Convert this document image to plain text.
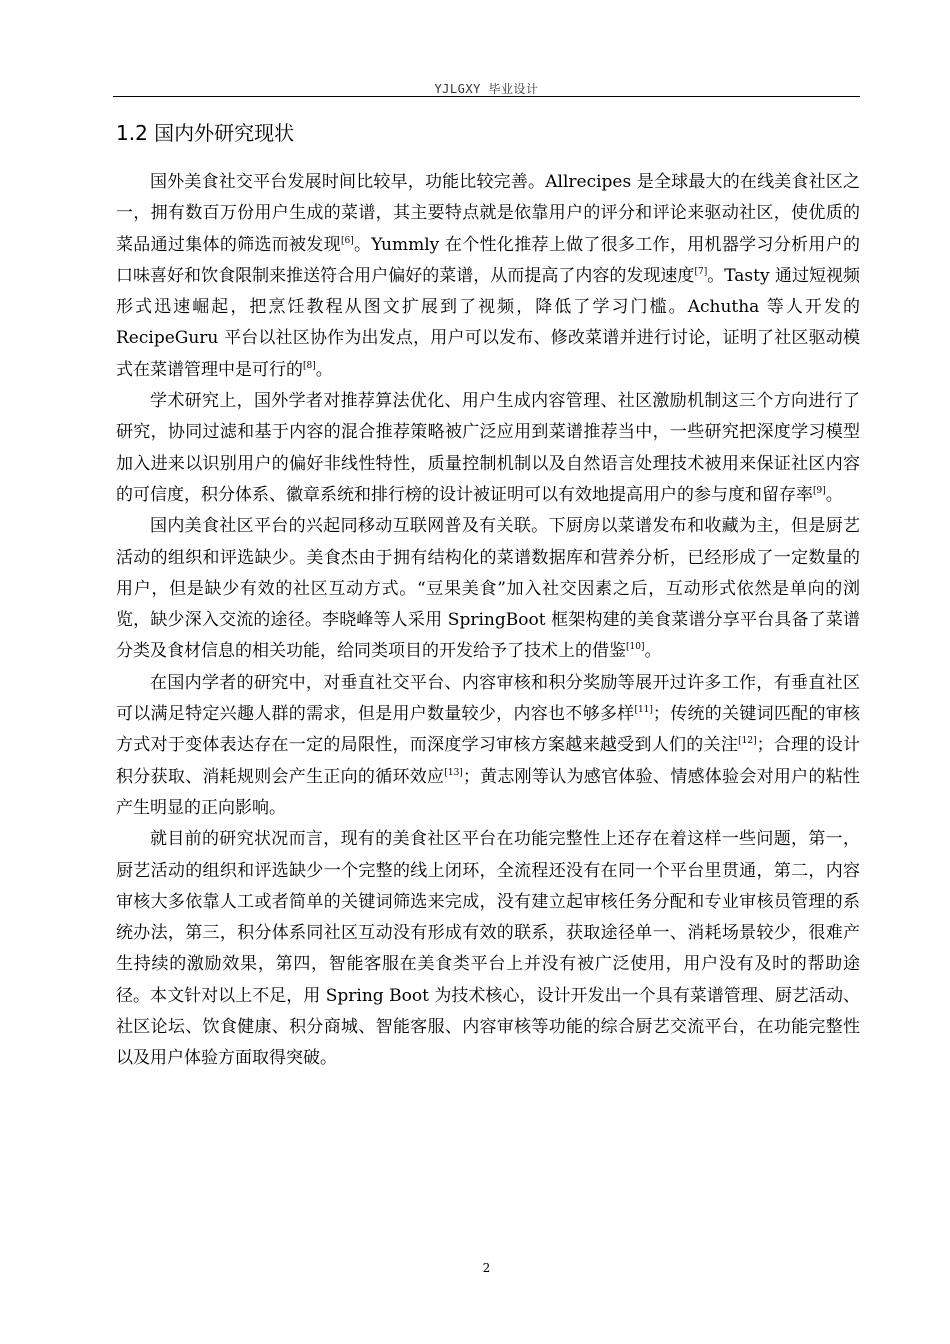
YJLGXY 毕业设计
1.2 国内外研究现状

国外美食社交平台发展时间比较早，功能比较完善。Allrecipes 是全球最大的在线美食社区之一，拥有数百万份用户生成的菜谱，其主要特点就是依靠用户的评分和评论来驱动社区，使优质的菜品通过集体的筛选而被发现[6]。Yummly 在个性化推荐上做了很多工作，用机器学习分析用户的口味喜好和饮食限制来推送符合用户偏好的菜谱，从而提高了内容的发现速度[7]。Tasty 通过短视频形式迅速崛起，把烹饪教程从图文扩展到了视频，降低了学习门槛。Achutha 等人开发的 RecipeGuru 平台以社区协作为出发点，用户可以发布、修改菜谱并进行讨论，证明了社区驱动模式在菜谱管理中是可行的[8]。

学术研究上，国外学者对推荐算法优化、用户生成内容管理、社区激励机制这三个方向进行了研究，协同过滤和基于内容的混合推荐策略被广泛应用到菜谱推荐当中，一些研究把深度学习模型加入进来以识别用户的偏好非线性特性，质量控制机制以及自然语言处理技术被用来保证社区内容的可信度，积分体系、徽章系统和排行榜的设计被证明可以有效地提高用户的参与度和留存率[9]。

国内美食社区平台的兴起同移动互联网普及有关联。下厨房以菜谱发布和收藏为主，但是厨艺活动的组织和评选缺少。美食杰由于拥有结构化的菜谱数据库和营养分析，已经形成了一定数量的用户，但是缺少有效的社区互动方式。“豆果美食”加入社交因素之后，互动形式依然是单向的浏览，缺少深入交流的途径。李晓峰等人采用 SpringBoot 框架构建的美食菜谱分享平台具备了菜谱分类及食材信息的相关功能，给同类项目的开发给予了技术上的借鉴[10]。

在国内学者的研究中，对垂直社交平台、内容审核和积分奖励等展开过许多工作，有垂直社区可以满足特定兴趣人群的需求，但是用户数量较少，内容也不够多样[11]；传统的关键词匹配的审核方式对于变体表达存在一定的局限性，而深度学习审核方案越来越受到人们的关注[12]；合理的设计积分获取、消耗规则会产生正向的循环效应[13]；黄志刚等认为感官体验、情感体验会对用户的粘性产生明显的正向影响。

就目前的研究状况而言，现有的美食社区平台在功能完整性上还存在着这样一些问题，第一，厨艺活动的组织和评选缺少一个完整的线上闭环，全流程还没有在同一个平台里贯通，第二，内容审核大多依靠人工或者简单的关键词筛选来完成，没有建立起审核任务分配和专业审核员管理的系统办法，第三，积分体系同社区互动没有形成有效的联系，获取途径单一、消耗场景较少，很难产生持续的激励效果，第四，智能客服在美食类平台上并没有被广泛使用，用户没有及时的帮助途径。本文针对以上不足，用 Spring Boot 为技术核心，设计开发出一个具有菜谱管理、厨艺活动、社区论坛、饮食健康、积分商城、智能客服、内容审核等功能的综合厨艺交流平台，在功能完整性以及用户体验方面取得突破。

2
